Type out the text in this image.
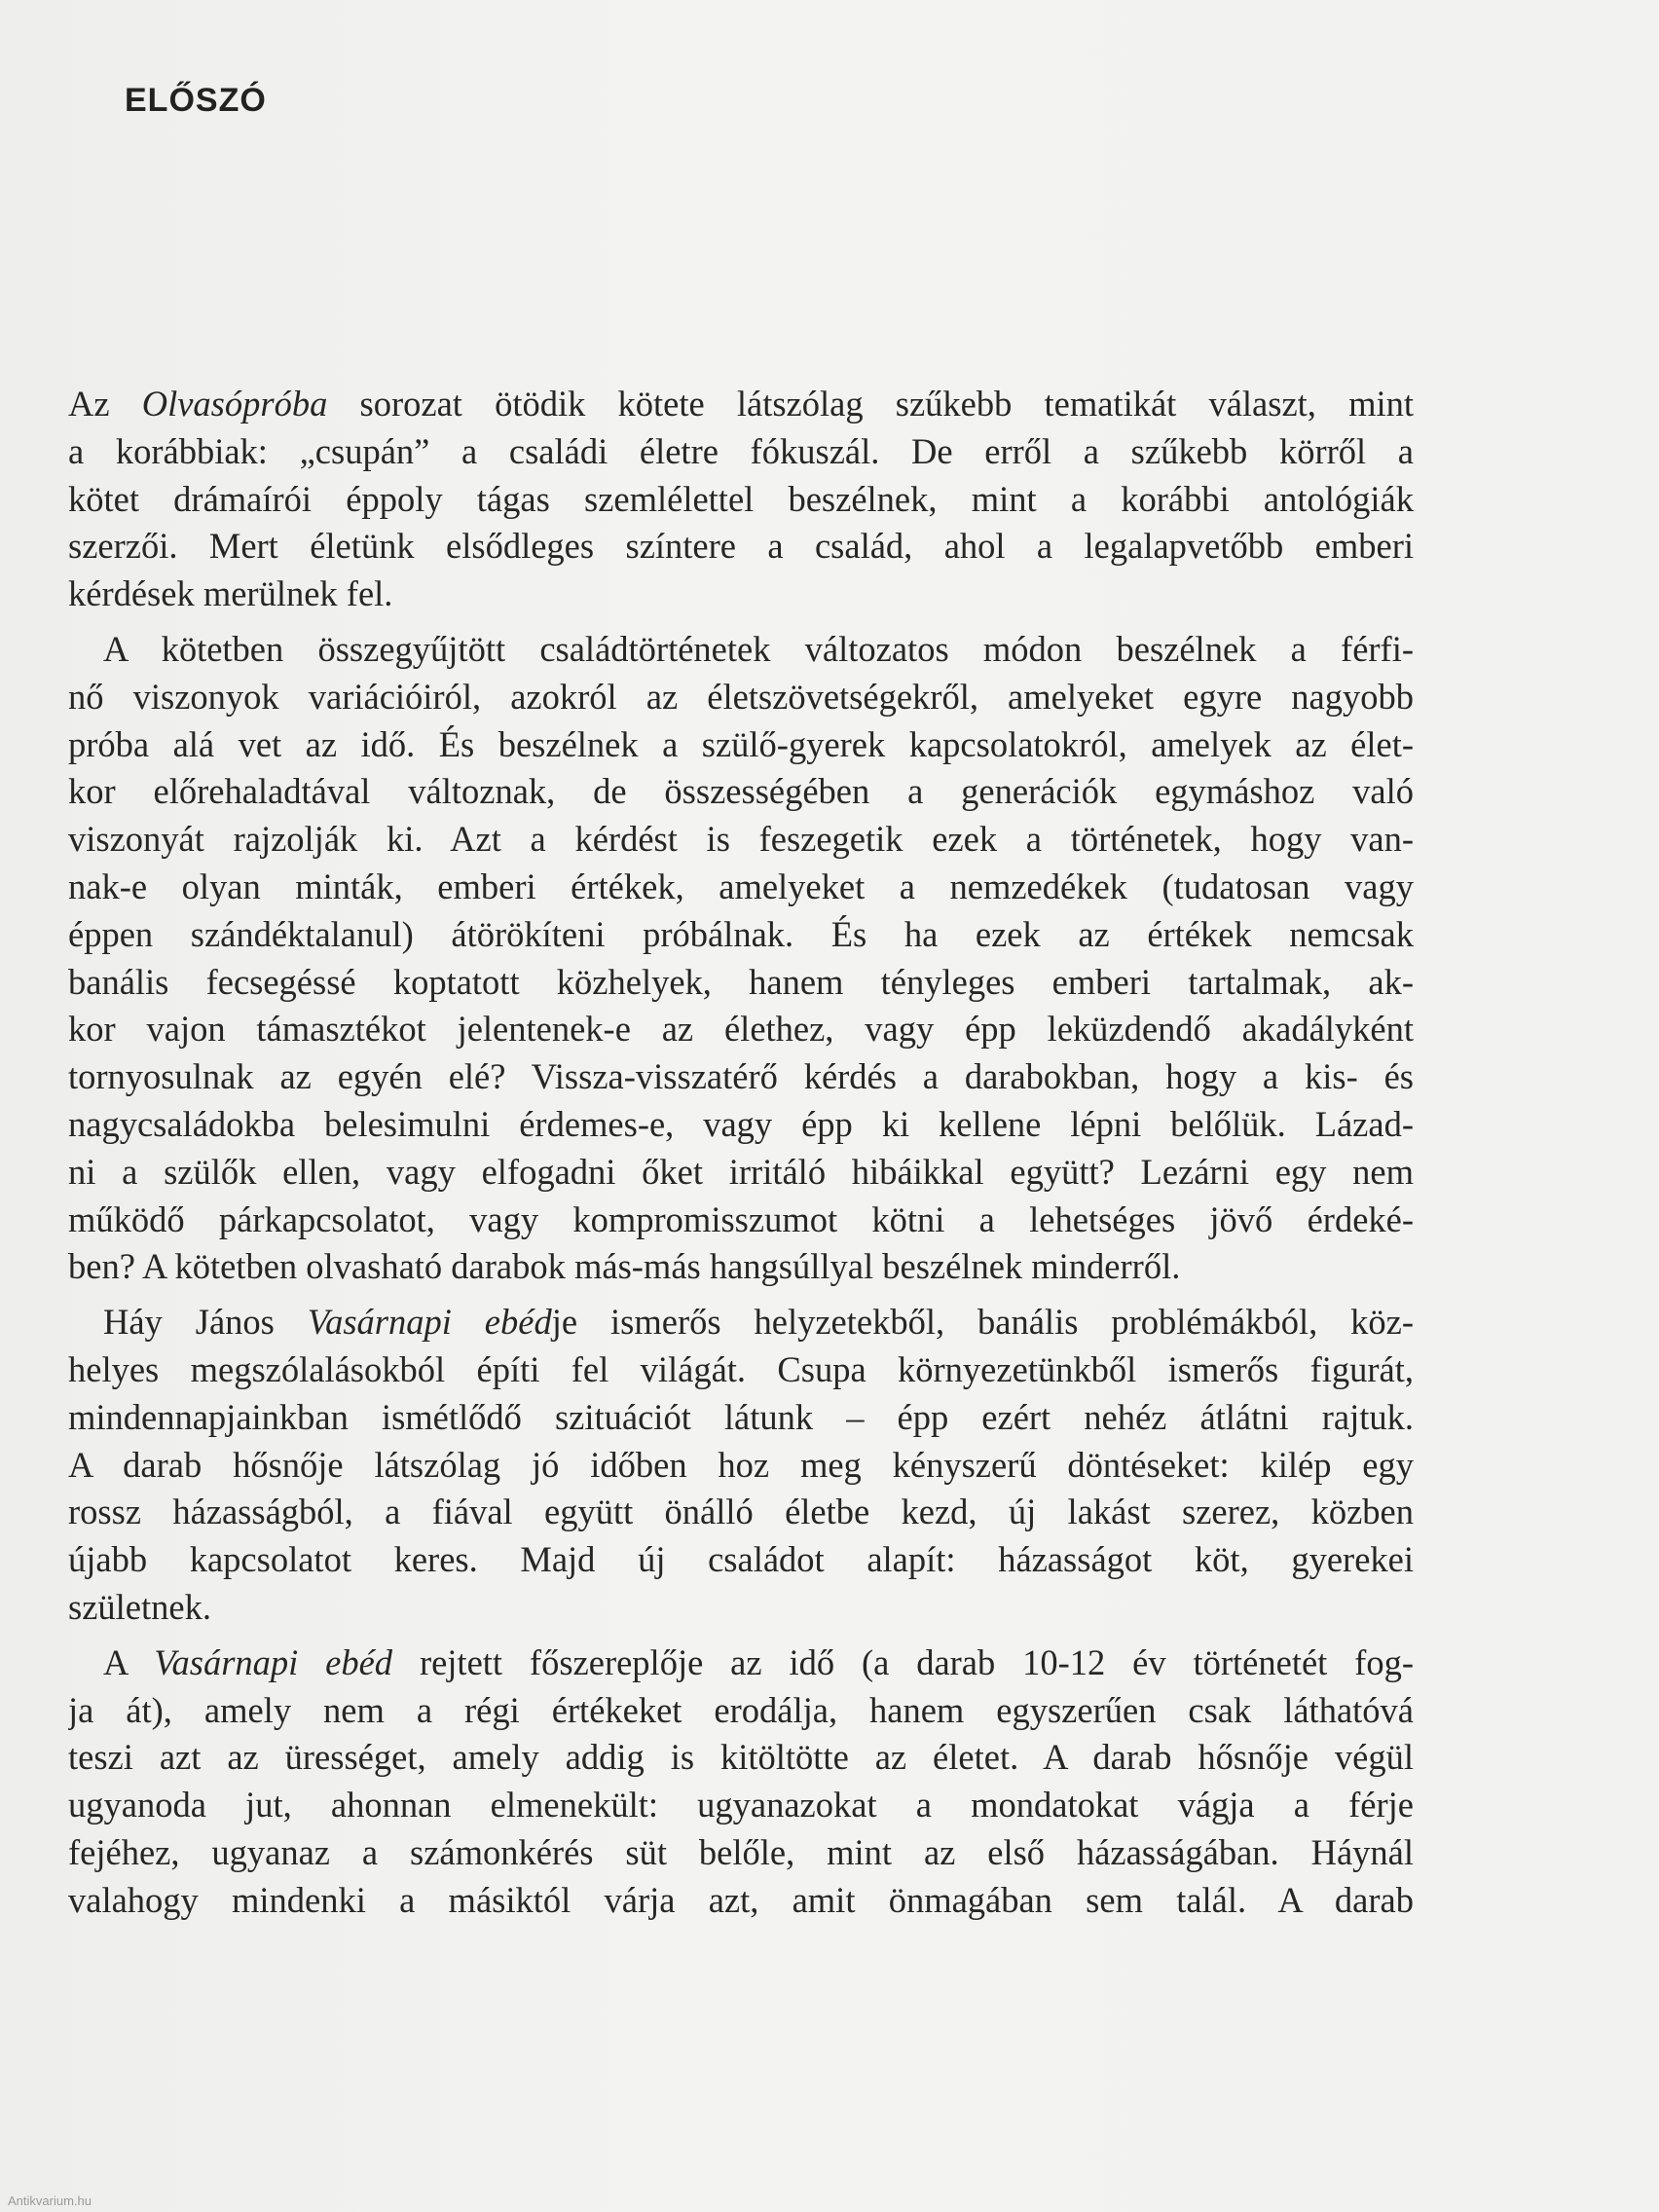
ELŐSZÓ
Az Olvasópróba sorozat ötödik kötete látszólag szűkebb tematikát választ, mint
a korábbiak: „csupán” a családi életre fókuszál. De erről a szűkebb körről a
kötet drámaírói éppoly tágas szemlélettel beszélnek, mint a korábbi antológiák
szerzői. Mert életünk elsődleges színtere a család, ahol a legalapvetőbb emberi
kérdések merülnek fel.
A kötetben összegyűjtött családtörténetek változatos módon beszélnek a férfi-
nő viszonyok variációiról, azokról az életszövetségekről, amelyeket egyre nagyobb
próba alá vet az idő. És beszélnek a szülő-gyerek kapcsolatokról, amelyek az élet-
kor előrehaladtával változnak, de összességében a generációk egymáshoz való
viszonyát rajzolják ki. Azt a kérdést is feszegetik ezek a történetek, hogy van-
nak-e olyan minták, emberi értékek, amelyeket a nemzedékek (tudatosan vagy
éppen szándéktalanul) átörökíteni próbálnak. És ha ezek az értékek nemcsak
banális fecsegéssé koptatott közhelyek, hanem tényleges emberi tartalmak, ak-
kor vajon támasztékot jelentenek-e az élethez, vagy épp leküzdendő akadályként
tornyosulnak az egyén elé? Vissza-visszatérő kérdés a darabokban, hogy a kis- és
nagycsaládokba belesimulni érdemes-e, vagy épp ki kellene lépni belőlük. Lázad-
ni a szülők ellen, vagy elfogadni őket irritáló hibáikkal együtt? Lezárni egy nem
működő párkapcsolatot, vagy kompromisszumot kötni a lehetséges jövő érdeké-
ben? A kötetben olvasható darabok más-más hangsúllyal beszélnek minderről.
Háy János Vasárnapi ebédje ismerős helyzetekből, banális problémákból, köz-
helyes megszólalásokból építi fel világát. Csupa környezetünkből ismerős figurát,
mindennapjainkban ismétlődő szituációt látunk – épp ezért nehéz átlátni rajtuk.
A darab hősnője látszólag jó időben hoz meg kényszerű döntéseket: kilép egy
rossz házasságból, a fiával együtt önálló életbe kezd, új lakást szerez, közben
újabb kapcsolatot keres. Majd új családot alapít: házasságot köt, gyerekei
születnek.
A Vasárnapi ebéd rejtett főszereplője az idő (a darab 10-12 év történetét fog-
ja át), amely nem a régi értékeket erodálja, hanem egyszerűen csak láthatóvá
teszi azt az ürességet, amely addig is kitöltötte az életet. A darab hősnője végül
ugyanoda jut, ahonnan elmenekült: ugyanazokat a mondatokat vágja a férje
fejéhez, ugyanaz a számonkérés süt belőle, mint az első házasságában. Háynál
valahogy mindenki a másiktól várja azt, amit önmagában sem talál. A darab
Antikvarium.hu
